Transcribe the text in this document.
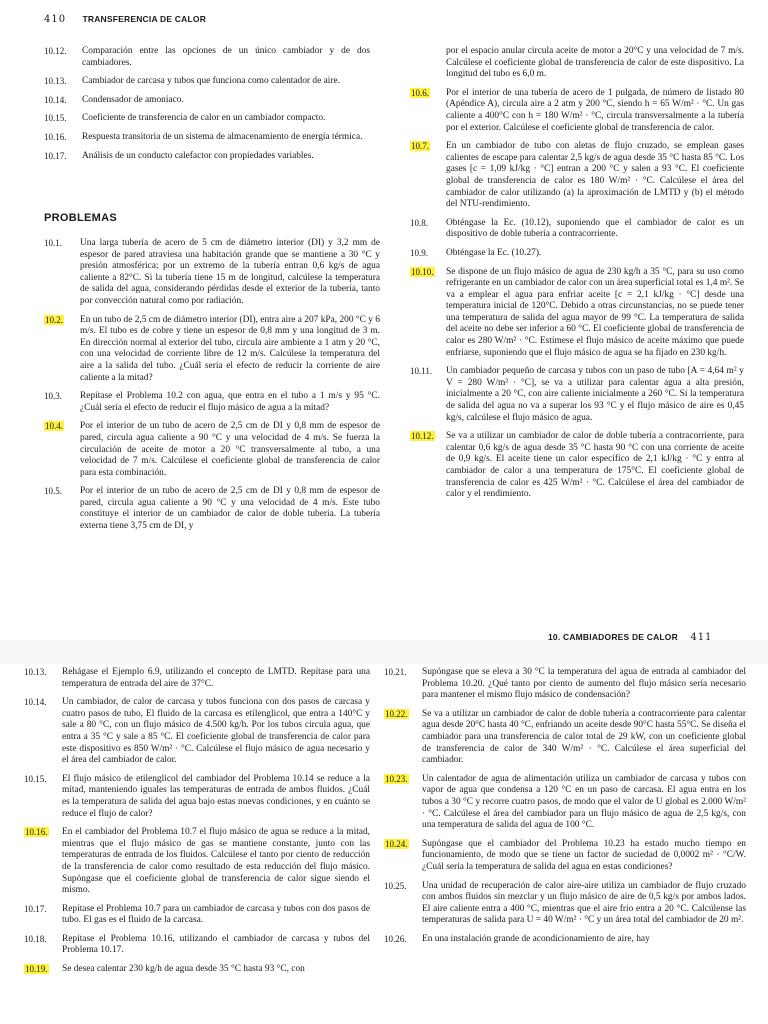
410 TRANSFERENCIA DE CALOR
10.12.	Comparación entre las opciones de un único cambiador y de dos cambiadores.
10.13.	Cambiador de carcasa y tubos que funciona como calentador de aire.
10.14.	Condensador de amoníaco.
10.15.	Coeficiente de transferencia de calor en un cambiador compacto.
10.16.	Respuesta transitoria de un sistema de almacenamiento de energía térmica.
10.17.	Análisis de un conducto calefactor con propiedades variables.
PROBLEMAS
10.1.	Una larga tubería de acero de 5 cm de diámetro interior (DI) y 3,2 mm de espesor de pared atraviesa una habitación grande que se mantiene a 30 °C y presión atmosférica; por un extremo de la tubería entran 0,6 kg/s de agua caliente a 82°C. Si la tubería tiene 15 m de longitud, calcúlese la temperatura de salida del agua, considerando pérdidas desde el exterior de la tubería, tanto por convección natural como por radiación.
10.2.	En un tubo de 2,5 cm de diámetro interior (DI), entra aire a 207 kPa, 200 °C y 6 m/s. El tubo es de cobre y tiene un espesor de 0,8 mm y una longitud de 3 m. En dirección normal al exterior del tubo, circula aire ambiente a 1 atm y 20 °C, con una velocidad de corriente libre de 12 m/s. Calcúlese la temperatura del aire a la salida del tubo. ¿Cuál sería el efecto de reducir la corriente de aire caliente a la mitad?
10.3.	Repítase el Problema 10.2 con agua, que entra en el tubo a 1 m/s y 95 °C. ¿Cuál sería el efecto de reducir el flujo másico de agua a la mitad?
10.4.	Por el interior de un tubo de acero de 2,5 cm de DI y 0,8 mm de espesor de pared, circula agua caliente a 90 °C y una velocidad de 4 m/s. Se fuerza la circulación de aceite de motor a 20 °C transversalmente al tubo, a una velocidad de 7 m/s. Calcúlese el coeficiente global de transferencia de calor para esta combinación.
10.5.	Por el interior de un tubo de acero de 2,5 cm de DI y 0,8 mm de espesor de pared, circula agua caliente a 90 °C y una velocidad de 4 m/s. Este tubo constituye el interior de un cambiador de calor de doble tubería. La tubería externa tiene 3,75 cm de DI, y
por el espacio anular circula aceite de motor a 20°C y una velocidad de 7 m/s. Calcúlese el coeficiente global de transferencia de calor de este dispositivo. La longitud del tubo es 6,0 m.
10.6.	Por el interior de una tubería de acero de 1 pulgada, de número de listado 80 (Apéndice A), circula aire a 2 atm y 200 °C, siendo h = 65 W/m² · °C. Un gas caliente a 400°C con h = 180 W/m² · °C, circula transversalmente a la tubería por el exterior. Calcúlese el coeficiente global de transferencia de calor.
10.7.	En un cambiador de tubo con aletas de flujo cruzado, se emplean gases calientes de escape para calentar 2,5 kg/s de agua desde 35 °C hasta 85 °C. Los gases [c = 1,09 kJ/kg · °C] entran a 200 °C y salen a 93 °C. El coeficiente global de transferencia de calor es 180 W/m² · °C. Calcúlese el área del cambiador de calor utilizando (a) la aproximación de LMTD y (b) el método del NTU-rendimiento.
10.8.	Obténgase la Ec. (10.12), suponiendo que el cambiador de calor es un dispositivo de doble tubería a contracorriente.
10.9.	Obténgase la Ec. (10.27).
10.10.	Se dispone de un flujo másico de agua de 230 kg/h a 35 °C, para su uso como refrigerante en un cambiador de calor con un área superficial total es 1,4 m². Se va a emplear el agua para enfriar aceite [c = 2,1 kJ/kg · °C] desde una temperatura inicial de 120°C. Debido a otras circunstancias, no se puede tener una temperatura de salida del agua mayor de 99 °C. La temperatura de salida del aceite no debe ser inferior a 60 °C. El coeficiente global de transferencia de calor es 280 W/m² · °C. Estímese el flujo másico de aceite máximo que puede enfriarse, suponiendo que el flujo másico de agua se ha fijado en 230 kg/h.
10.11.	Un cambiador pequeño de carcasa y tubos con un paso de tubo [A = 4,64 m² y V = 280 W/m² · °C], se va a utilizar para calentar agua a alta presión, inicialmente a 20 °C, con aire caliente inicialmente a 260 °C. Si la temperatura de salida del agua no va a superar los 93 °C y el flujo másico de aire es 0,45 kg/s, calcúlese el flujo másico de agua.
10.12.	Se va a utilizar un cambiador de calor de doble tubería a contracorriente, para calentar 0,6 kg/s de agua desde 35 °C hasta 90 °C con una corriente de aceite de 0,9 kg/s. El aceite tiene un calor específico de 2,1 kJ/kg · °C y entra al cambiador de calor a una temperatura de 175°C. El coeficiente global de transferencia de calor es 425 W/m² · °C. Calcúlese el área del cambiador de calor y el rendimiento.
10. CAMBIADORES DE CALOR 411
10.13.	Rehágase el Ejemplo 6.9, utilizando el concepto de LMTD. Repítase para una temperatura de entrada del aire de 37°C.
10.14.	Un cambiador, de calor de carcasa y tubos funciona con dos pasos de carcasa y cuatro pasos de tubo, El fluido de la carcasa es etilenglicol, que entra a 140°C y sale a 80 °C, con un flujo másico de 4.500 kg/h. Por los tubos circula agua, que entra a 35 °C y sale a 85 °C. El coeficiente global de transferencia de calor para este dispositivo es 850 W/m² · °C. Calcúlese el flujo másico de agua necesario y el área del cambiador de calor.
10.15.	El flujo másico de etilenglicol del cambiador del Problema 10.14 se reduce a la mitad, manteniendo iguales las temperaturas de entrada de ambos fluidos. ¿Cuál es la temperatura de salida del agua bajo estas nuevas condiciones, y en cuánto se reduce el flujo de calor?
10.16.	En el cambiador del Problema 10.7 el flujo másico de agua se reduce a la mitad, mientras que el flujo másico de gas se mantiene constante, junto con las temperaturas de entrada de los fluidos. Calcúlese el tanto por ciento de reducción de la transferencia de calor como resultado de esta reducción del flujo másico. Supóngase que el coeficiente global de transferencia de calor sigue siendo el mismo.
10.17.	Repítase el Problema 10.7 para un cambiador de carcasa y tubos con dos pasos de tubo. El gas es el fluido de la carcasa.
10.18.	Repítase el Problema 10.16, utilizando el cambiador de carcasa y tubos del Problema 10.17.
10.19.	Se desea calentar 230 kg/h de agua desde 35 °C hasta 93 °C, con
10.21.	Supóngase que se eleva a 30 °C la temperatura del agua de entrada al cambiador del Problema 10.20. ¿Qué tanto por ciento de aumento del flujo másico sería necesario para mantener el mismo flujo másico de condensación?
10.22.	Se va a utilizar un cambiador de calor de doble tubería a contracorriente para calentar agua desde 20°C hasta 40 °C, enfriando un aceite desde 90°C hasta 55°C. Se diseña el cambiador para una transferencia de calor total de 29 kW, con un coeficiente global de transferencia de calor de 340 W/m² · °C. Calcúlese el área superficial del cambiador.
10.23.	Un calentador de agua de alimentación utiliza un cambiador de carcasa y tubos con vapor de agua que condensa a 120 °C en un paso de carcasa. El agua entra en los tubos a 30 °C y recorre cuatro pasos, de modo que el valor de U global es 2.000 W/m² · °C. Calcúlese el área del cambiador para un flujo másico de agua de 2,5 kg/s, con una temperatura de salida del agua de 100 °C.
10.24.	Supóngase que el cambiador del Problema 10.23 ha estado mucho tiempo en funcionamiento, de modo que se tiene un factor de suciedad de 0,0002 m² · °C/W. ¿Cuál sería la temperatura de salida del agua en estas condiciones?
10.25.	Una unidad de recuperación de calor aire-aire utiliza un cambiador de flujo cruzado con ambos fluidos sin mezclar y un flujo másico de aire de 0,5 kg/s por ambos lados. El aire caliente entra a 400 °C, mientras que el aire frío entra a 20 °C. Calcúlense las temperaturas de salida para U = 40 W/m² · °C y un área total del cambiador de 20 m².
10.26.	En una instalación grande de acondicionamiento de aire, hay
